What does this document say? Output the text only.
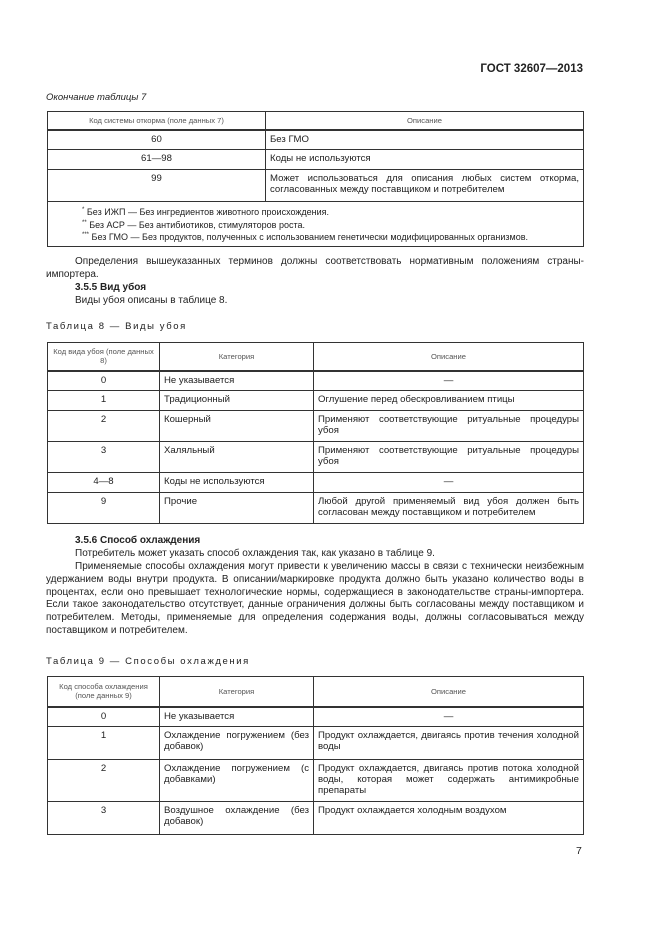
ГОСТ 32607—2013
Окончание таблицы 7
Код системы откорма (поле данных 7)	Описание
60	Без ГМО
61—98	Коды не используются
99	Может использоваться для описания любых систем откорма, согласованных между поставщиком и потребителем

* Без ИЖП — Без ингредиентов животного происхождения.
** Без АСР — Без антибиотиков, стимуляторов роста.
*** Без ГМО — Без продуктов, полученных с использованием генетически модифицированных организмов.	
Определения вышеуказанных терминов должны соответствовать нормативным положениям страны-импортера.
3.5.5 Вид убоя
Виды убоя описаны в таблице 8.
Таблица 8 — Виды убоя
Код вида убоя (поле данных 8)	Категория	Описание
0	Не указывается	—
1	Традиционный	Оглушение перед обескровливанием птицы
2	Кошерный	Применяют соответствующие ритуальные процедуры убоя
3	Халяльный	Применяют соответствующие ритуальные процедуры убоя
4—8	Коды не используются	—
9	Прочие	Любой другой применяемый вид убоя должен быть согласован между поставщиком и потребителем
3.5.6 Способ охлаждения
Потребитель может указать способ охлаждения так, как указано в таблице 9.
Применяемые способы охлаждения могут привести к увеличению массы в связи с технически неизбежным удержанием воды внутри продукта. В описании/маркировке продукта должно быть указано количество воды в процентах, если оно превышает технологические нормы, содержащиеся в законодательстве страны-импортера. Если такое законодательство отсутствует, данные ограничения должны быть согласованы между поставщиком и потребителем. Методы, применяемые для определения содержания воды, должны согласовываться между поставщиком и потребителем.
Таблица 9 — Способы охлаждения
Код способа охлаждения (поле данных 9)	Категория	Описание
0	Не указывается	—
1	Охлаждение погружением (без добавок)	Продукт охлаждается, двигаясь против течения холодной воды
2	Охлаждение погружением (с добавками)	Продукт охлаждается, двигаясь против потока холодной воды, которая может содержать антимикробные препараты
3	Воздушное охлаждение (без добавок)	Продукт охлаждается холодным воздухом
7
